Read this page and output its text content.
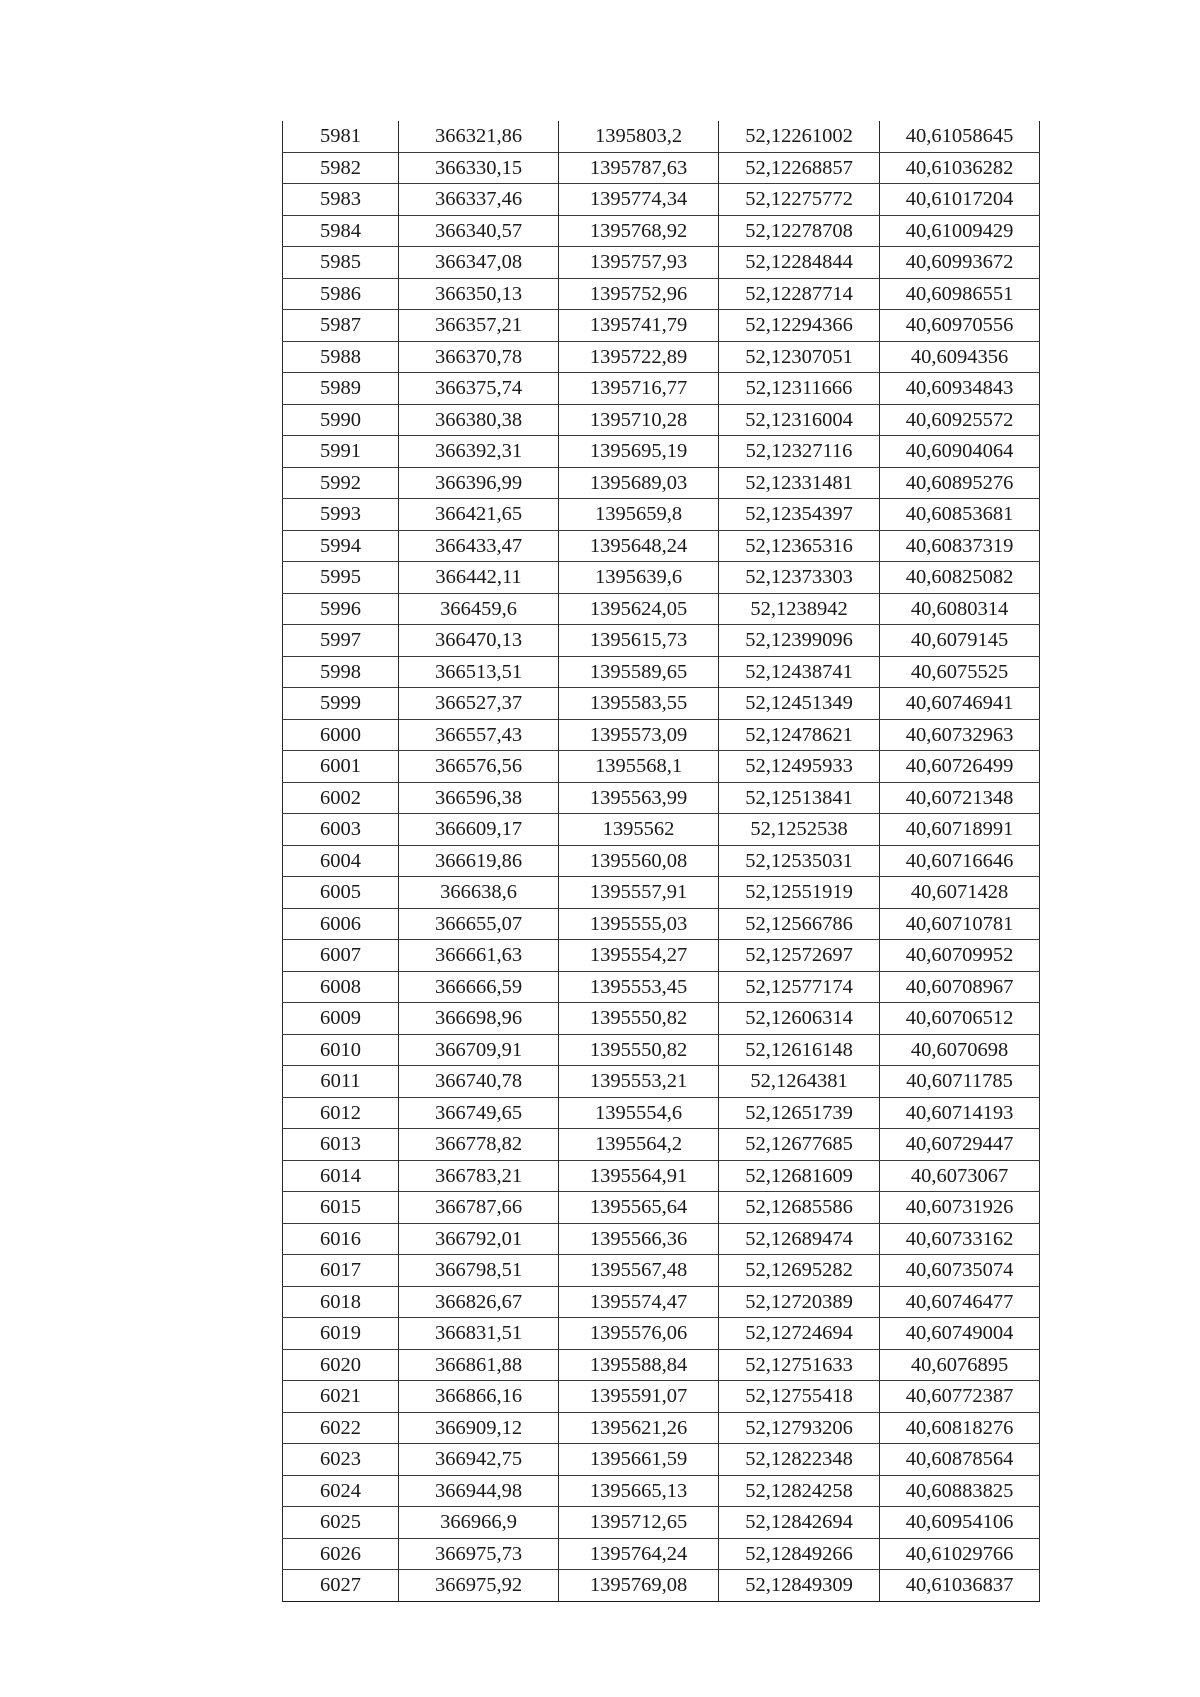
5981	366321,86	1395803,2	52,12261002	40,61058645
5982	366330,15	1395787,63	52,12268857	40,61036282
5983	366337,46	1395774,34	52,12275772	40,61017204
5984	366340,57	1395768,92	52,12278708	40,61009429
5985	366347,08	1395757,93	52,12284844	40,60993672
5986	366350,13	1395752,96	52,12287714	40,60986551
5987	366357,21	1395741,79	52,12294366	40,60970556
5988	366370,78	1395722,89	52,12307051	40,6094356
5989	366375,74	1395716,77	52,12311666	40,60934843
5990	366380,38	1395710,28	52,12316004	40,60925572
5991	366392,31	1395695,19	52,12327116	40,60904064
5992	366396,99	1395689,03	52,12331481	40,60895276
5993	366421,65	1395659,8	52,12354397	40,60853681
5994	366433,47	1395648,24	52,12365316	40,60837319
5995	366442,11	1395639,6	52,12373303	40,60825082
5996	366459,6	1395624,05	52,1238942	40,6080314
5997	366470,13	1395615,73	52,12399096	40,6079145
5998	366513,51	1395589,65	52,12438741	40,6075525
5999	366527,37	1395583,55	52,12451349	40,60746941
6000	366557,43	1395573,09	52,12478621	40,60732963
6001	366576,56	1395568,1	52,12495933	40,60726499
6002	366596,38	1395563,99	52,12513841	40,60721348
6003	366609,17	1395562	52,1252538	40,60718991
6004	366619,86	1395560,08	52,12535031	40,60716646
6005	366638,6	1395557,91	52,12551919	40,6071428
6006	366655,07	1395555,03	52,12566786	40,60710781
6007	366661,63	1395554,27	52,12572697	40,60709952
6008	366666,59	1395553,45	52,12577174	40,60708967
6009	366698,96	1395550,82	52,12606314	40,60706512
6010	366709,91	1395550,82	52,12616148	40,6070698
6011	366740,78	1395553,21	52,1264381	40,60711785
6012	366749,65	1395554,6	52,12651739	40,60714193
6013	366778,82	1395564,2	52,12677685	40,60729447
6014	366783,21	1395564,91	52,12681609	40,6073067
6015	366787,66	1395565,64	52,12685586	40,60731926
6016	366792,01	1395566,36	52,12689474	40,60733162
6017	366798,51	1395567,48	52,12695282	40,60735074
6018	366826,67	1395574,47	52,12720389	40,60746477
6019	366831,51	1395576,06	52,12724694	40,60749004
6020	366861,88	1395588,84	52,12751633	40,6076895
6021	366866,16	1395591,07	52,12755418	40,60772387
6022	366909,12	1395621,26	52,12793206	40,60818276
6023	366942,75	1395661,59	52,12822348	40,60878564
6024	366944,98	1395665,13	52,12824258	40,60883825
6025	366966,9	1395712,65	52,12842694	40,60954106
6026	366975,73	1395764,24	52,12849266	40,61029766
6027	366975,92	1395769,08	52,12849309	40,61036837
